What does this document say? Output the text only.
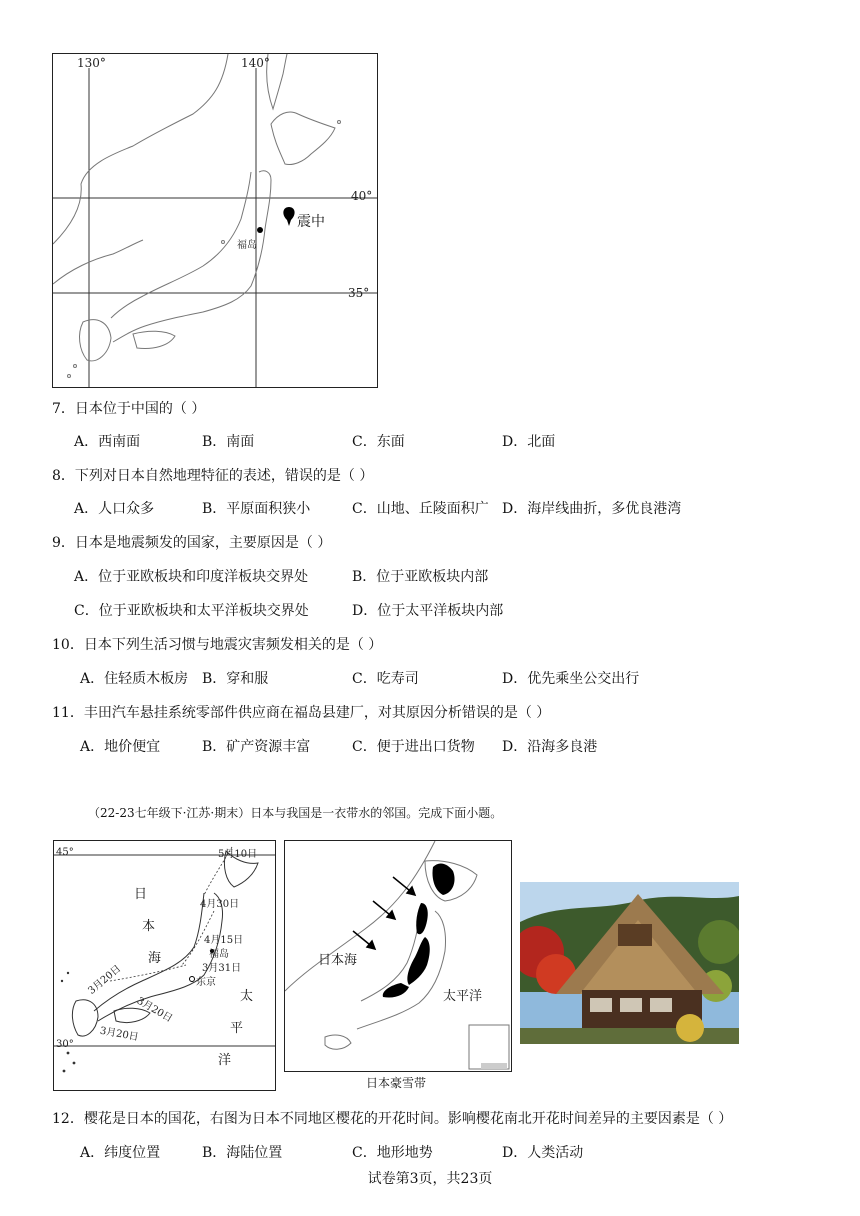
130°	140°
40°
35°
震中
福岛
7．日本位于中国的（ ）
A．西南面	B．南面	C．东面	D．北面
8．下列对日本自然地理特征的表述，错误的是（ ）
A．人口众多	B．平原面积狭小	C．山地、丘陵面积广 D．海岸线曲折，多优良港湾
9．日本是地震频发的国家，主要原因是（ ）
A．位于亚欧板块和印度洋板块交界处	B．位于亚欧板块内部
C．位于亚欧板块和太平洋板块交界处	D．位于太平洋板块内部
10．日本下列生活习惯与地震灾害频发相关的是（ ）
A．住轻质木板房 B．穿和服	C．吃寿司	D．优先乘坐公交出行
11．丰田汽车悬挂系统零部件供应商在福岛县建厂，对其原因分析错误的是（ ）
A．地价便宜	B．矿产资源丰富	C．便于进出口货物 D．沿海多良港
（22-23七年级下·江苏·期末）日本与我国是一衣带水的邻国。完成下面小题。
45°
30°
日
本
海
太
平
洋
5月10日
4月30日
4月15日
福岛
3月31日
东京
3月20日
3月20日
3月20日
日本海
太平洋
日本豪雪带
12．樱花是日本的国花，右图为日本不同地区樱花的开花时间。影响樱花南北开花时间差异的主要因素是（ ）
A．纬度位置	B．海陆位置	C．地形地势	D．人类活动
试卷第3页，共23页
